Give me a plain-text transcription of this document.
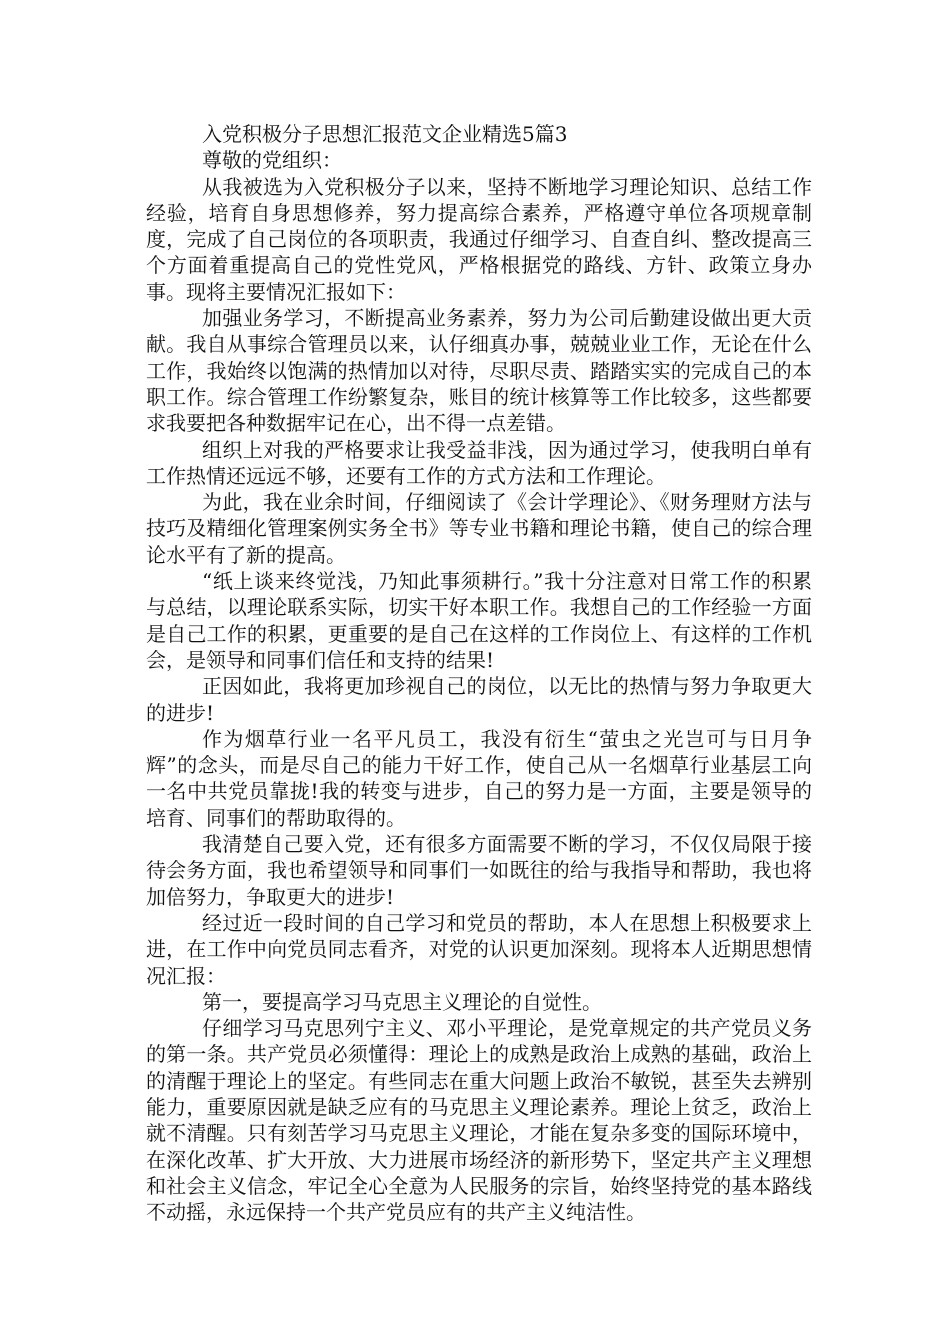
入党积极分子思想汇报范文企业精选5篇3

尊敬的党组织：

从我被选为入党积极分子以来，坚持不断地学习理论知识、总结工作经验，培育自身思想修养，努力提高综合素养，严格遵守单位各项规章制度，完成了自己岗位的各项职责，我通过仔细学习、自查自纠、整改提高三个方面着重提高自己的党性党风，严格根据党的路线、方针、政策立身办事。现将主要情况汇报如下：

加强业务学习，不断提高业务素养，努力为公司后勤建设做出更大贡献。我自从事综合管理员以来，认仔细真办事，兢兢业业工作，无论在什么工作，我始终以饱满的热情加以对待，尽职尽责、踏踏实实的完成自己的本职工作。综合管理工作纷繁复杂，账目的统计核算等工作比较多，这些都要求我要把各种数据牢记在心，出不得一点差错。

组织上对我的严格要求让我受益非浅，因为通过学习，使我明白单有工作热情还远远不够，还要有工作的方式方法和工作理论。

为此，我在业余时间，仔细阅读了《会计学理论》、《财务理财方法与技巧及精细化管理案例实务全书》等专业书籍和理论书籍，使自己的综合理论水平有了新的提高。

“纸上谈来终觉浅，乃知此事须耕行。”我十分注意对日常工作的积累与总结，以理论联系实际，切实干好本职工作。我想自己的工作经验一方面是自己工作的积累，更重要的是自己在这样的工作岗位上、有这样的工作机会，是领导和同事们信任和支持的结果!

正因如此，我将更加珍视自己的岗位，以无比的热情与努力争取更大的进步!

作为烟草行业一名平凡员工，我没有衍生“萤虫之光岂可与日月争辉”的念头，而是尽自己的能力干好工作，使自己从一名烟草行业基层工向一名中共党员靠拢!我的转变与进步，自己的努力是一方面，主要是领导的培育、同事们的帮助取得的。

我清楚自己要入党，还有很多方面需要不断的学习，不仅仅局限于接待会务方面，我也希望领导和同事们一如既往的给与我指导和帮助，我也将加倍努力，争取更大的进步!

经过近一段时间的自己学习和党员的帮助，本人在思想上积极要求上进，在工作中向党员同志看齐，对党的认识更加深刻。现将本人近期思想情况汇报：

第一，要提高学习马克思主义理论的自觉性。

仔细学习马克思列宁主义、邓小平理论，是党章规定的共产党员义务的第一条。共产党员必须懂得：理论上的成熟是政治上成熟的基础，政治上的清醒于理论上的坚定。有些同志在重大问题上政治不敏锐，甚至失去辨别能力，重要原因就是缺乏应有的马克思主义理论素养。理论上贫乏，政治上就不清醒。只有刻苦学习马克思主义理论，才能在复杂多变的国际环境中，在深化改革、扩大开放、大力进展市场经济的新形势下，坚定共产主义理想和社会主义信念，牢记全心全意为人民服务的宗旨，始终坚持党的基本路线不动摇，永远保持一个共产党员应有的共产主义纯洁性。
